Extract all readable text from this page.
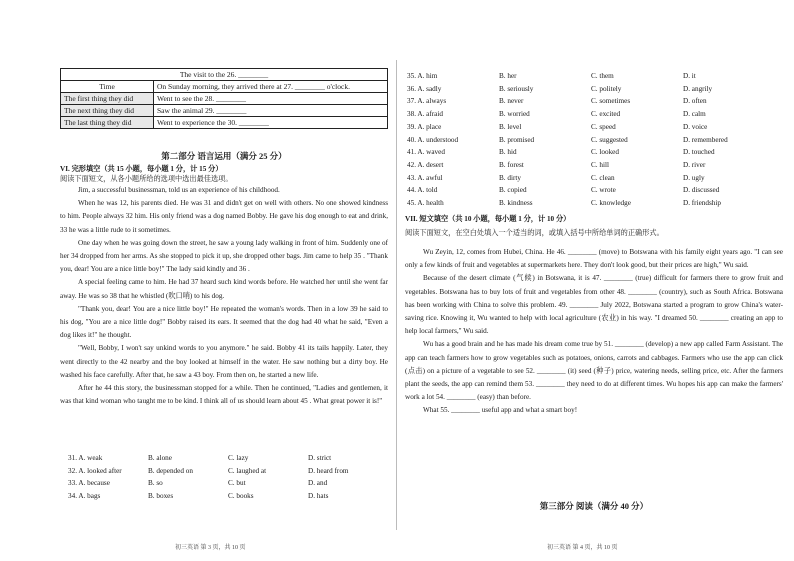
The visit to the 26. ________	
Time	On Sunday morning, they arrived there at 27. ________ o'clock.
The first thing they did	Went to see the 28. ________
The next thing they did	Saw the animal 29. ________
The last thing they did	Went to experience the 30. ________
第二部分 语言运用（满分 25 分）
VI. 完形填空（共 15 小题，每小题 1 分，计 15 分）
阅读下面短文，从各小题所给的选项中选出最佳选项。

Jim, a successful businessman, told us an experience of his childhood.

When he was 12, his parents died. He was 31 and didn't get on well with others. No one showed kindness to him. People always 32 him. His only friend was a dog named Bobby. He gave his dog enough to eat and drink, 33 he was a little rude to it sometimes.

One day when he was going down the street, he saw a young lady walking in front of him. Suddenly one of her 34 dropped from her arms. As she stopped to pick it up, she dropped other bags. Jim came to help 35 . "Thank you, dear! You are a nice little boy!" The lady said kindly and 36 .

A special feeling came to him. He had 37 heard such kind words before. He watched her until she went far away. He was so 38 that he whistled (吹口哨) to his dog.

"Thank you, dear! You are a nice little boy!" He repeated the woman's words. Then in a low 39 he said to his dog, "You are a nice little dog!" Bobby raised its ears. It seemed that the dog had 40 what he said, "Even a dog likes it!" he thought.

"Well, Bobby, I won't say unkind words to you anymore." he said. Bobby 41 its tails happily. Later, they went directly to the 42 nearby and the boy looked at himself in the water. He saw nothing but a dirty boy. He washed his face carefully. After that, he saw a 43 boy. From then on, he started a new life.

After he 44 this story, the businessman stopped for a while. Then he continued, "Ladies and gentlemen, it was that kind woman who taught me to be kind. I think all of us should learn about 45 . What great power it is!"

31. A. weak	B. alone	C. lazy	D. strict
32. A. looked after	B. depended on	C. laughed at	D. heard from
33. A. because	B. so	C. but	D. and
34. A. bags	B. boxes	C. books	D. hats
初三英语 第 3 页，共 10 页
35. A. him	B. her	C. them	D. it
36. A. sadly	B. seriously	C. politely	D. angrily
37. A. always	B. never	C. sometimes	D. often
38. A. afraid	B. worried	C. excited	D. calm
39. A. place	B. level	C. speed	D. voice
40. A. understood	B. promised	C. suggested	D. remembered
41. A. waved	B. hid	C. looked	D. touched
42. A. desert	B. forest	C. hill	D. river
43. A. awful	B. dirty	C. clean	D. ugly
44. A. told	B. copied	C. wrote	D. discussed
45. A. health	B. kindness	C. knowledge	D. friendship
VII. 短文填空（共 10 小题，每小题 1 分，计 10 分）
阅读下面短文，在空白处填入一个适当的词，或填入括号中所给单词的正确形式。

Wu Zeyin, 12, comes from Hubei, China. He 46. ________ (move) to Botswana with his family eight years ago. "I can see only a few kinds of fruit and vegetables at supermarkets here. They don't look good, but their prices are high," Wu said.

Because of the desert climate (气候) in Botswana, it is 47. ________ (true) difficult for farmers there to grow fruit and vegetables. Botswana has to buy lots of fruit and vegetables from other 48. ________ (country), such as South Africa. Botswana has been working with China to solve this problem. 49. ________ July 2022, Botswana started a program to grow China's water-saving rice. Knowing it, Wu wanted to help with local agriculture (农业) in his way. "I dreamed 50. ________ creating an app to help local farmers," Wu said.

Wu has a good brain and he has made his dream come true by 51. ________ (develop) a new app called Farm Assistant. The app can teach farmers how to grow vegetables such as potatoes, onions, carrots and cabbages. Farmers who use the app can click (点击) on a picture of a vegetable to see 52. ________ (it) seed (种子) price, watering needs, selling price, etc. After the farmers plant the seeds, the app can remind them 53. ________ they need to do at different times. Wu hopes his app can make the farmers' work a lot 54. ________ (easy) than before.

What 55. ________ useful app and what a smart boy!

第三部分 阅读（满分 40 分）
初三英语 第 4 页，共 10 页
